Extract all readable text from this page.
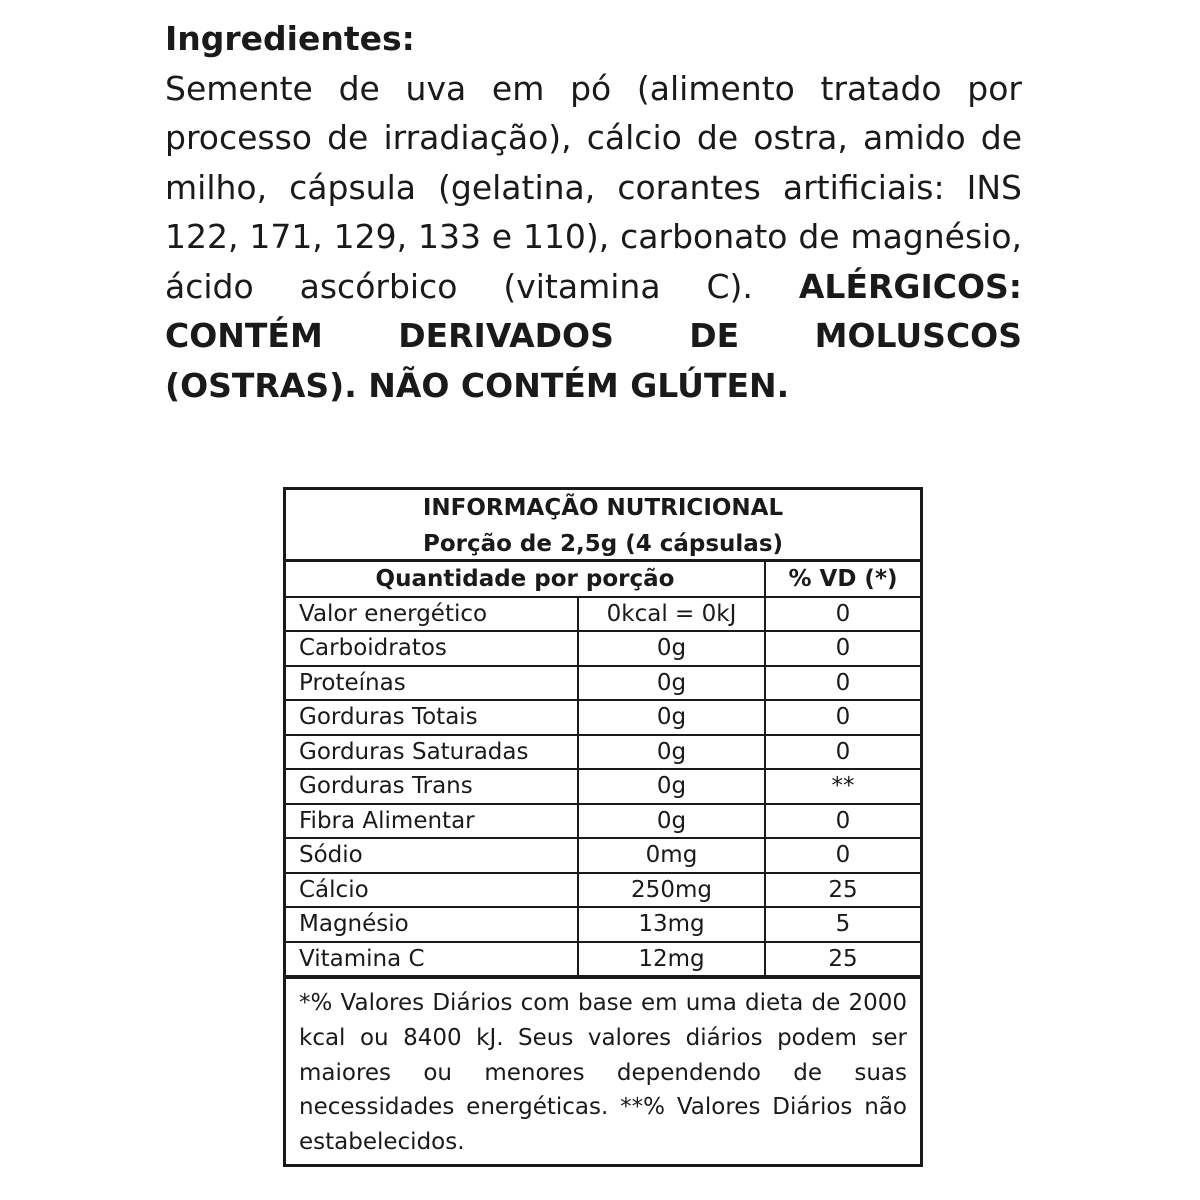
Ingredientes:
Semente de uva em pó (alimento tratado por processo de irradiação), cálcio de ostra, amido de milho, cápsula (gelatina, corantes artificiais: INS 122, 171, 129, 133 e 110), carbonato de magnésio, ácido ascórbico (vitamina C). ALÉRGICOS: CONTÉM DERIVADOS DE MOLUSCOS (OSTRAS). NÃO CONTÉM GLÚTEN.
INFORMAÇÃO NUTRICIONAL
Porção de 2,5g (4 cápsulas)
Quantidade por porção		% VD (*)
Valor energético	0kcal = 0kJ	0
Carboidratos	0g	0
Proteínas	0g	0
Gorduras Totais	0g	0
Gorduras Saturadas	0g	0
Gorduras Trans	0g	**
Fibra Alimentar	0g	0
Sódio	0mg	0
Cálcio	250mg	25
Magnésio	13mg	5
Vitamina C	12mg	25
*% Valores Diários com base em uma dieta de 2000 kcal ou 8400 kJ. Seus valores diários podem ser maiores ou menores dependendo de suas necessidades energéticas. **% Valores Diários não estabelecidos.
